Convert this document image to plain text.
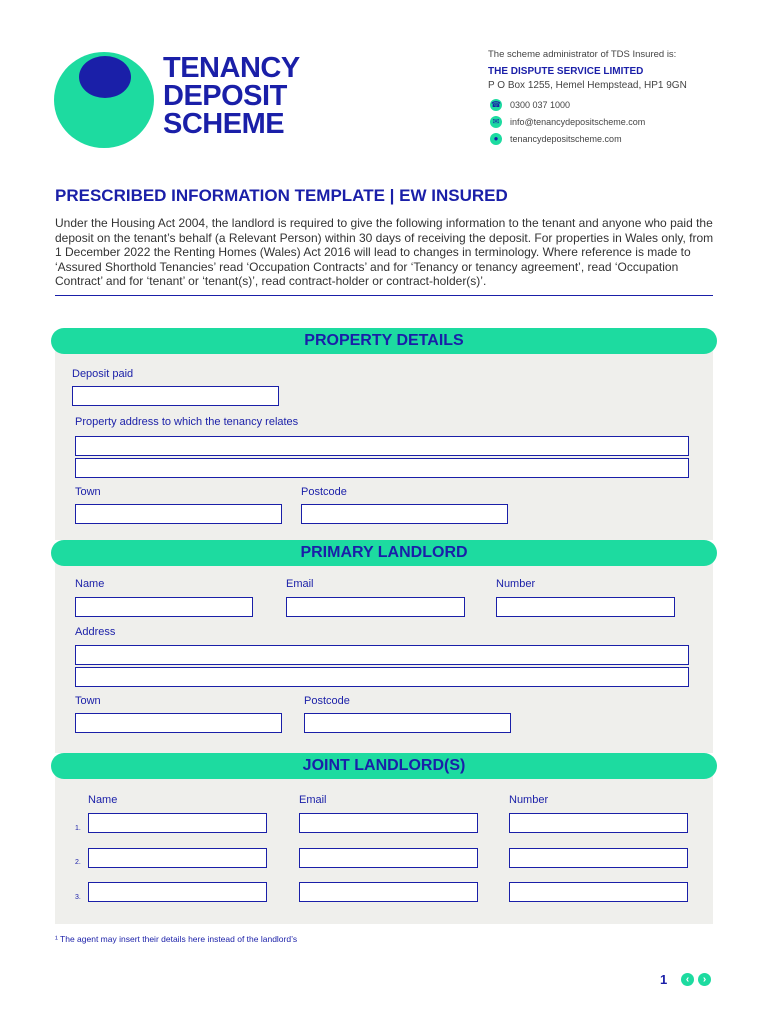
TENANCY
DEPOSIT
SCHEME
The scheme administrator of TDS Insured is:
THE DISPUTE SERVICE LIMITED
P O Box 1255, Hemel Hempstead, HP1 9GN
☎ 0300 037 1000
✉ info@tenancydepositscheme.com
●	tenancydepositscheme.com
PRESCRIBED INFORMATION TEMPLATE | EW INSURED
Under the Housing Act 2004, the landlord is required to give the following information to the tenant and anyone who paid the deposit on the tenant’s behalf (a Relevant Person) within 30 days of receiving the deposit. For properties in Wales only, from 1 December 2022 the Renting Homes (Wales) Act 2016 will lead to changes in terminology. Where reference is made to ‘Assured Shorthold Tenancies’ read ‘Occupation Contracts’ and for ‘Tenancy or tenancy agreement’, read ‘Occupation Contract’ and for ‘tenant’ or ‘tenant(s)’, read contract-holder or contract-holder(s)’.
PROPERTY DETAILS
Deposit paid
Property address to which the tenancy relates
Town	Postcode
PRIMARY LANDLORD
Name	Email	Number
Address
Town	Postcode
JOINT LANDLORD(S)
Name	Email	Number
1.
2.
3.
¹ The agent may insert their details here instead of the landlord’s
1	‹	›
